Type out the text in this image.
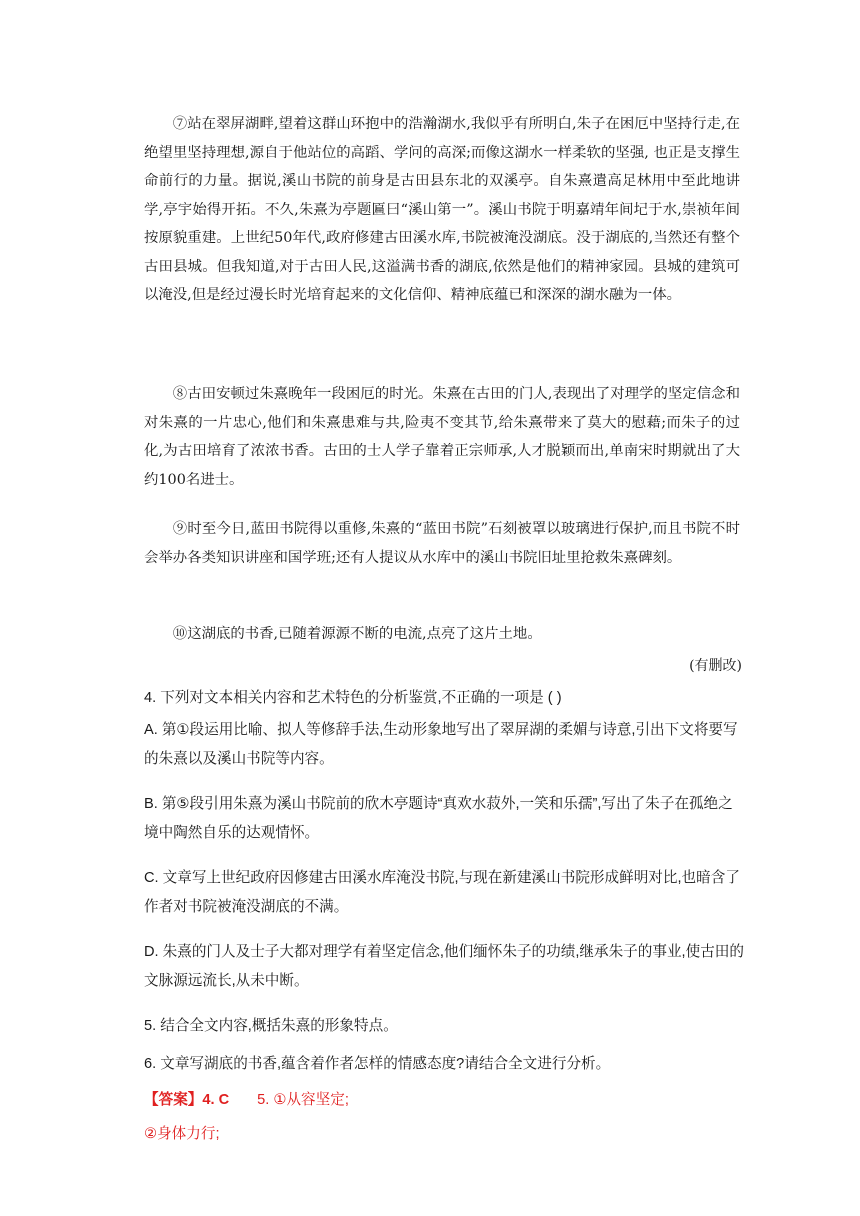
⑦站在翠屏湖畔,望着这群山环抱中的浩瀚湖水,我似乎有所明白,朱子在困厄中坚持行走,在绝望里坚持理想,源自于他站位的高蹈、学问的高深;而像这湖水一样柔软的坚强, 也正是支撑生命前行的力量。据说,溪山书院的前身是古田县东北的双溪亭。自朱熹遣高足林用中至此地讲学,亭宇始得开拓。不久,朱熹为亭题匾曰“溪山第一”。溪山书院于明嘉靖年间圮于水,崇祯年间按原貌重建。上世纪50年代,政府修建古田溪水库,书院被淹没湖底。没于湖底的,当然还有整个古田县城。但我知道,对于古田人民,这溢满书香的湖底,依然是他们的精神家园。县城的建筑可以淹没,但是经过漫长时光培育起来的文化信仰、精神底蕴已和深深的湖水融为一体。

⑧古田安顿过朱熹晚年一段困厄的时光。朱熹在古田的门人,表现出了对理学的坚定信念和对朱熹的一片忠心,他们和朱熹患难与共,险夷不变其节,给朱熹带来了莫大的慰藉;而朱子的过化,为古田培育了浓浓书香。古田的士人学子靠着正宗师承,人才脱颖而出,单南宋时期就出了大约100名进士。

⑨时至今日,蓝田书院得以重修,朱熹的“蓝田书院”石刻被罩以玻璃进行保护,而且书院不时会举办各类知识讲座和国学班;还有人提议从水库中的溪山书院旧址里抢救朱熹碑刻。

⑩这湖底的书香,已随着源源不断的电流,点亮了这片土地。

(有删改)

4. 下列对文本相关内容和艺术特色的分析鉴赏,不正确的一项是 ( )

A. 第①段运用比喻、拟人等修辞手法,生动形象地写出了翠屏湖的柔媚与诗意,引出下文将要写的朱熹以及溪山书院等内容。

B. 第⑤段引用朱熹为溪山书院前的欣木亭题诗“真欢水菽外,一笑和乐孺”,写出了朱子在孤绝之境中陶然自乐的达观情怀。

C. 文章写上世纪政府因修建古田溪水库淹没书院,与现在新建溪山书院形成鲜明对比,也暗含了作者对书院被淹没湖底的不满。

D. 朱熹的门人及士子大都对理学有着坚定信念,他们缅怀朱子的功绩,继承朱子的事业,使古田的文脉源远流长,从未中断。

5. 结合全文内容,概括朱熹的形象特点。

6. 文章写湖底的书香,蕴含着作者怎样的情感态度?请结合全文进行分析。

【答案】4. C 5. ①从容坚定;

②身体力行;
